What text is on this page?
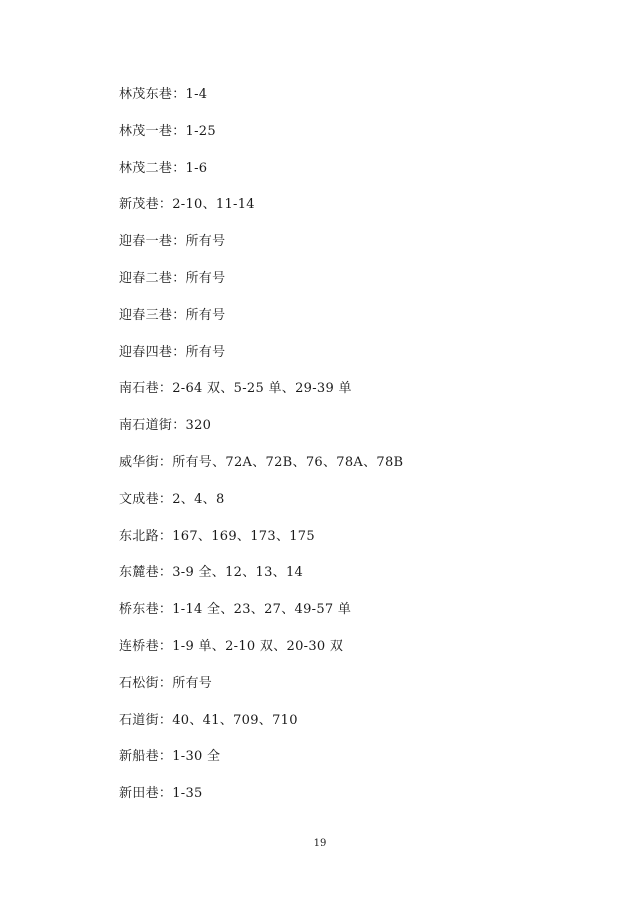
林茂东巷：1-4
林茂一巷：1-25
林茂二巷：1-6
新茂巷：2-10、11-14
迎春一巷：所有号
迎春二巷：所有号
迎春三巷：所有号
迎春四巷：所有号
南石巷：2-64 双、5-25 单、29-39 单
南石道街：320
威华街：所有号、72A、72B、76、78A、78B
文成巷：2、4、8
东北路：167、169、173、175
东麓巷：3-9 全、12、13、14
桥东巷：1-14 全、23、27、49-57 单
连桥巷：1-9 单、2-10 双、20-30 双
石松街：所有号
石道街：40、41、709、710
新船巷：1-30 全
新田巷：1-35
19
